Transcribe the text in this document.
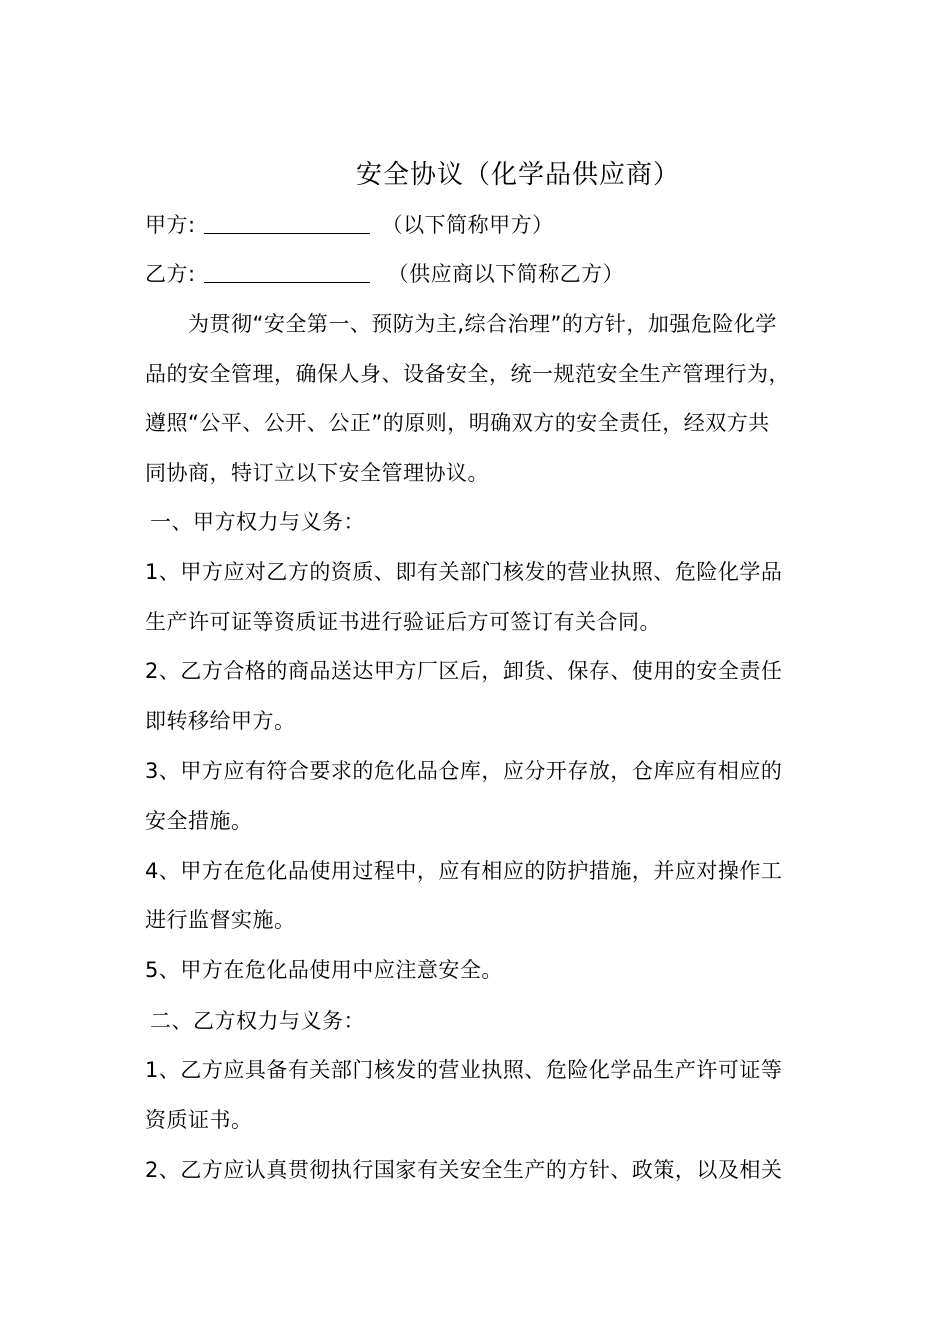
安全协议（化学品供应商）
甲方:	（以下简称甲方）
乙方:	（供应商以下简称乙方）
为贯彻“安全第一、预防为主,综合治理”的方针，加强危险化学
品的安全管理，确保人身、设备安全，统一规范安全生产管理行为，
遵照“公平、公开、公正”的原则，明确双方的安全责任，经双方共
同协商，特订立以下安全管理协议。
一、甲方权力与义务：
1、甲方应对乙方的资质、即有关部门核发的营业执照、危险化学品
生产许可证等资质证书进行验证后方可签订有关合同。
2、乙方合格的商品送达甲方厂区后，卸货、保存、使用的安全责任
即转移给甲方。
3、甲方应有符合要求的危化品仓库，应分开存放，仓库应有相应的
安全措施。
4、甲方在危化品使用过程中，应有相应的防护措施，并应对操作工
进行监督实施。
5、甲方在危化品使用中应注意安全。
二、乙方权力与义务：
1、乙方应具备有关部门核发的营业执照、危险化学品生产许可证等
资质证书。
2、乙方应认真贯彻执行国家有关安全生产的方针、政策，以及相关
